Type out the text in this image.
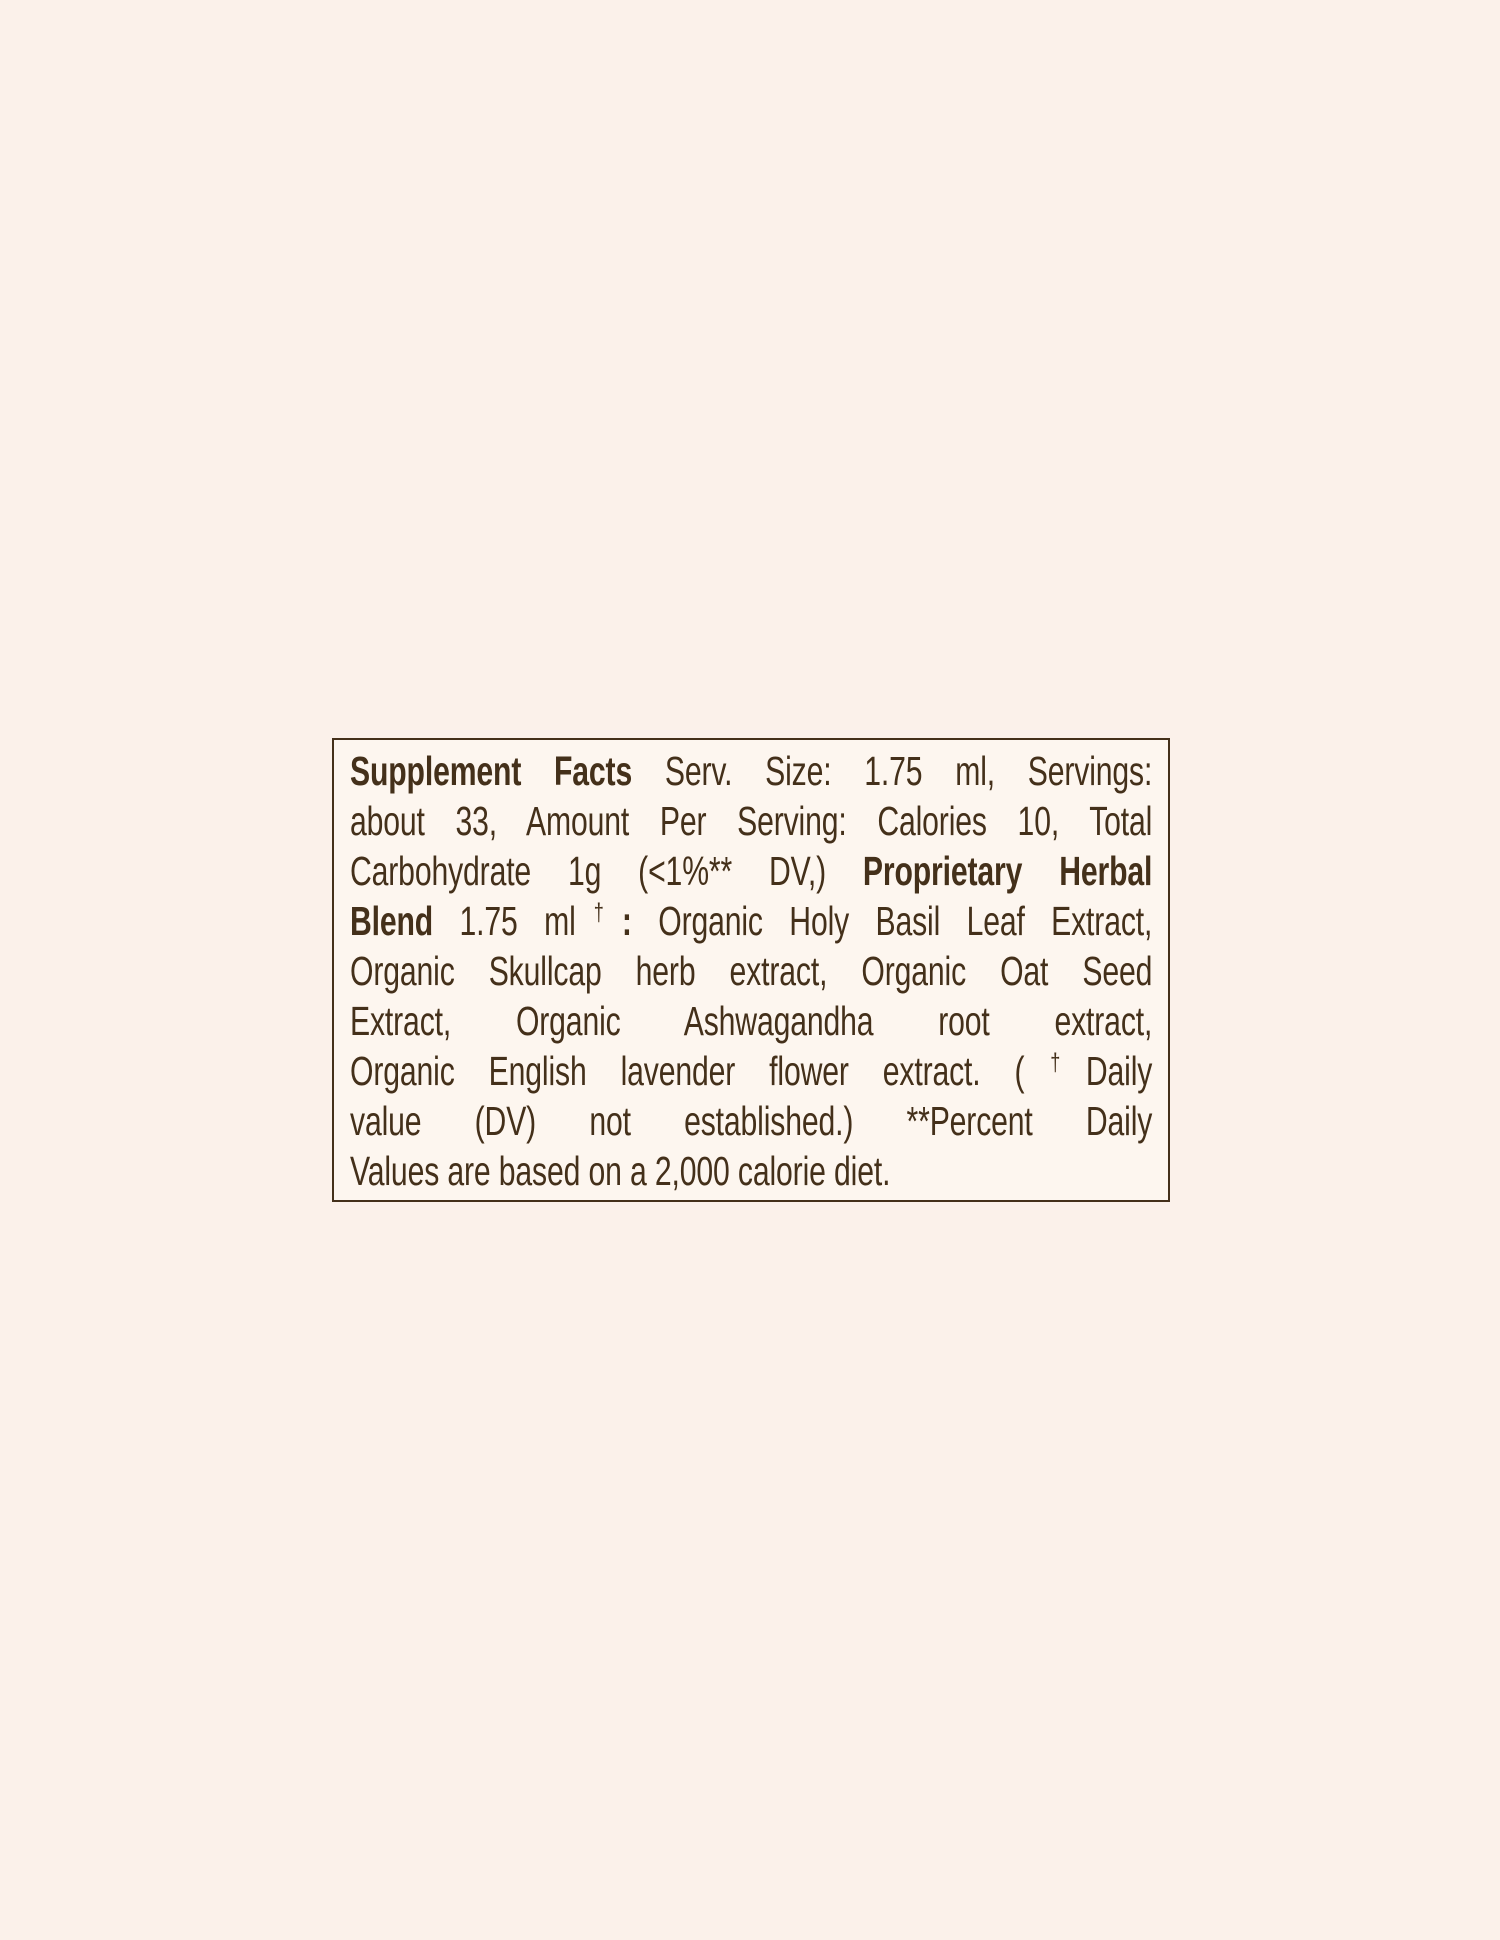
Supplement Facts Serv. Size: 1.75 ml, Servings:
about 33, Amount Per Serving: Calories 10, Total
Carbohydrate 1g (<1%** DV,) Proprietary Herbal
Blend 1.75 ml†: Organic Holy Basil Leaf Extract,
Organic Skullcap herb extract, Organic Oat Seed
Extract, Organic Ashwagandha root extract,
Organic English lavender flower extract. (†Daily
value (DV) not established.) **Percent Daily
Values are based on a 2,000 calorie diet.
